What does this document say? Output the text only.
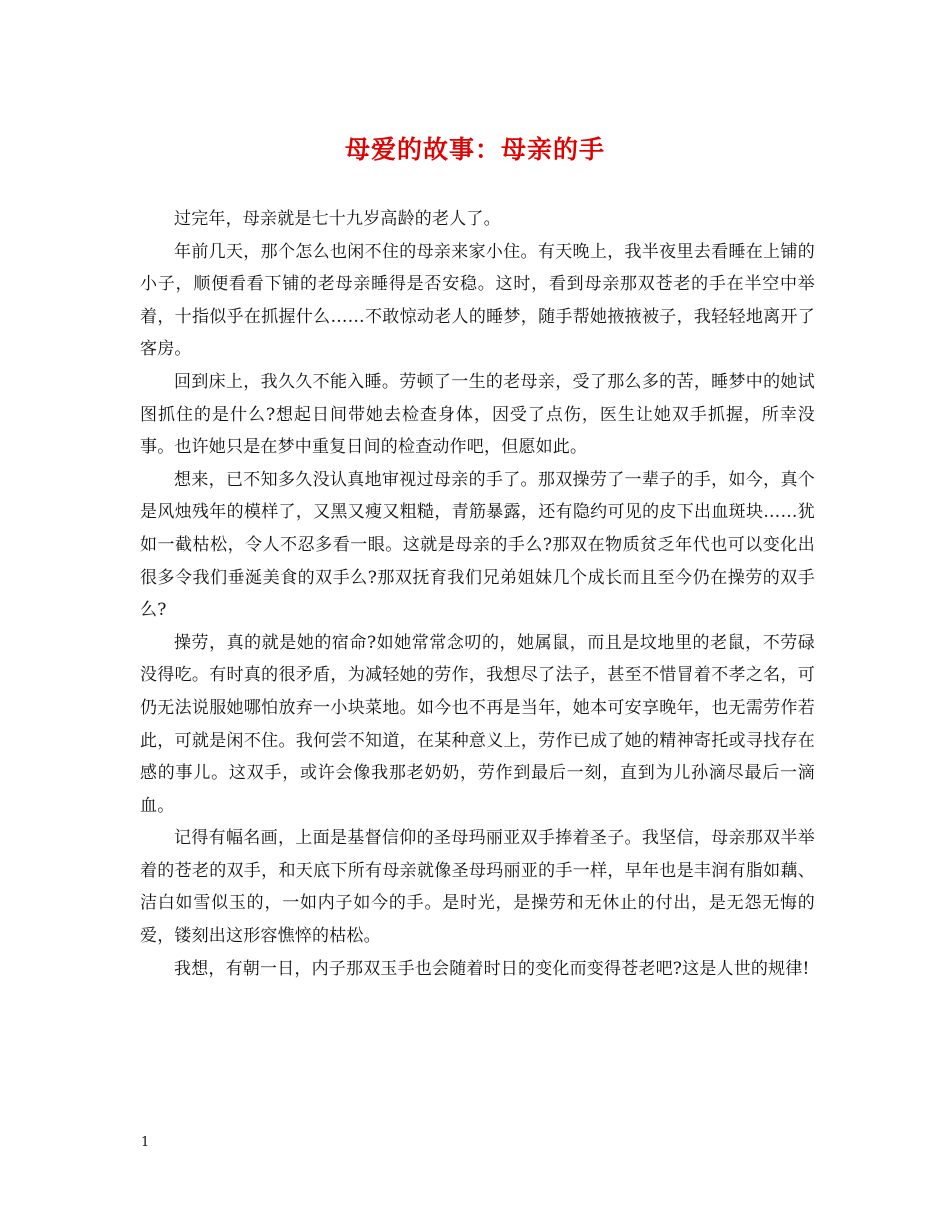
母爱的故事：母亲的手

过完年，母亲就是七十九岁高龄的老人了。

年前几天，那个怎么也闲不住的母亲来家小住。有天晚上，我半夜里去看睡在上铺的小子，顺便看看下铺的老母亲睡得是否安稳。这时，看到母亲那双苍老的手在半空中举着，十指似乎在抓握什么……不敢惊动老人的睡梦，随手帮她掖掖被子，我轻轻地离开了客房。

回到床上，我久久不能入睡。劳顿了一生的老母亲，受了那么多的苦，睡梦中的她试图抓住的是什么?想起日间带她去检查身体，因受了点伤，医生让她双手抓握，所幸没事。也许她只是在梦中重复日间的检查动作吧，但愿如此。

想来，已不知多久没认真地审视过母亲的手了。那双操劳了一辈子的手，如今，真个是风烛残年的模样了，又黑又瘦又粗糙，青筋暴露，还有隐约可见的皮下出血斑块……犹如一截枯松，令人不忍多看一眼。这就是母亲的手么?那双在物质贫乏年代也可以变化出很多令我们垂涎美食的双手么?那双抚育我们兄弟姐妹几个成长而且至今仍在操劳的双手么?

操劳，真的就是她的宿命?如她常常念叨的，她属鼠，而且是坟地里的老鼠，不劳碌没得吃。有时真的很矛盾，为减轻她的劳作，我想尽了法子，甚至不惜冒着不孝之名，可仍无法说服她哪怕放弃一小块菜地。如今也不再是当年，她本可安享晚年，也无需劳作若此，可就是闲不住。我何尝不知道，在某种意义上，劳作已成了她的精神寄托或寻找存在感的事儿。这双手，或许会像我那老奶奶，劳作到最后一刻，直到为儿孙滴尽最后一滴血。

记得有幅名画，上面是基督信仰的圣母玛丽亚双手捧着圣子。我坚信，母亲那双半举着的苍老的双手，和天底下所有母亲就像圣母玛丽亚的手一样，早年也是丰润有脂如藕、洁白如雪似玉的，一如内子如今的手。是时光，是操劳和无休止的付出，是无怨无悔的爱，镂刻出这形容憔悴的枯松。

我想，有朝一日，内子那双玉手也会随着时日的变化而变得苍老吧?这是人世的规律!

1
